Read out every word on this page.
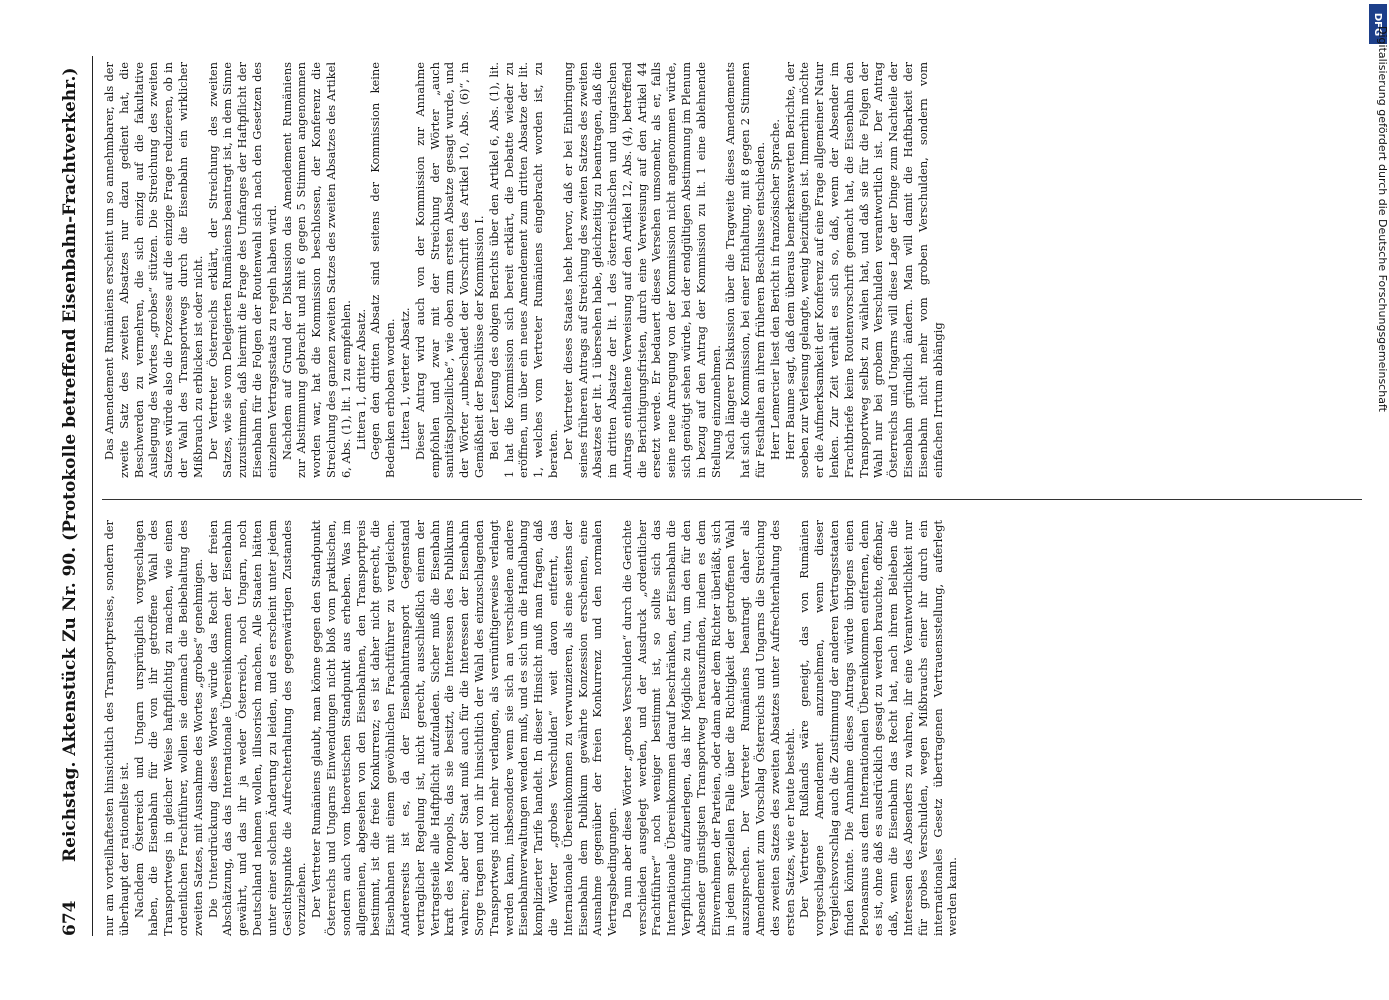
674
Reichstag. Aktenstück Zu Nr. 90. (Protokolle betreffend Eisenbahn-Frachtverkehr.) nur am vorteilhaftesten hinsichtlich des Transportpreises, sondern der überhaupt der rationellste ist. Nachdem Österreich und Ungarn ursprünglich vorgeschlagen haben, die Eisenbahn für die von ihr getroffene Wahl des Transportwegs in gleicher Weise haftpflichtig zu machen, wie einen ordentlichen Frachtführer, wollen sie demnach die Beibehaltung des zweiten Satzes, mit Ausnahme des Wortes „grobes“ genehmigen. Die Unterdrückung dieses Wortes würde das Recht der freien Abschätzung, das das Internationale Übereinkommen der Eisenbahn gewährt, und das ihr ja weder Österreich, noch Ungarn, noch Deutschland nehmen wollen, illusorisch machen. Alle Staaten hätten unter einer solchen Änderung zu leiden, und es erscheint unter jedem Gesichtspunkte die Aufrechterhaltung des gegenwärtigen Zustandes vorzuziehen. Der Vertreter Rumäniens glaubt, man könne gegen den Standpunkt Österreichs und Ungarns Einwendungen nicht bloß vom praktischen, sondern auch vom theoretischen Standpunkt aus erheben. Was im allgemeinen, abgesehen von den Eisenbahnen, den Transportpreis bestimmt, ist die freie Konkurrenz; es ist daher nicht gerecht, die Eisenbahnen mit einem gewöhnlichen Frachtführer zu vergleichen. Andererseits ist es, da der Eisenbahntransport Gegenstand vertraglicher Regelung ist, nicht gerecht, ausschließlich einem der Vertragsteile alle Haftpflicht aufzuladen. Sicher muß die Eisenbahn kraft des Monopols, das sie besitzt, die Interessen des Publikums wahren; aber der Staat muß auch für die Interessen der Eisenbahn Sorge tragen und von ihr hinsichtlich der Wahl des einzuschlagenden Transportwegs nicht mehr verlangen, als vernünftigerweise verlangt werden kann, insbesondere wenn sie sich an verschiedene andere Eisenbahnverwaltungen wenden muß, und es sich um die Handhabung komplizierter Tarife handelt. In dieser Hinsicht muß man fragen, daß die Wörter „grobes Verschulden“ weit davon entfernt, das Internationale Übereinkommen zu verwunzieren, als eine seitens der Eisenbahn dem Publikum gewährte Konzession erscheinen, eine Ausnahme gegenüber der freien Konkurrenz und den normalen Vertragsbedingungen. Da nun aber diese Wörter „grobes Verschulden“ durch die Gerichte verschieden ausgelegt werden, und der Ausdruck „ordentlicher Frachtführer“ noch weniger bestimmt ist, so sollte sich das Internationale Übereinkommen darauf beschränken, der Eisenbahn die Verpflichtung aufzuerlegen, das ihr Mögliche zu tun, um den für den Absender günstigsten Transportweg herauszufinden, indem es dem Einvernehmen der Parteien, oder dann aber dem Richter überläßt, sich in jedem speziellen Falle über die Richtigkeit der getroffenen Wahl auszusprechen. Der Vertreter Rumäniens beantragt daher als Amendement zum Vorschlag Österreichs und Ungarns die Streichung des zweiten Satzes des zweiten Absatzes unter Aufrechterhaltung des ersten Satzes, wie er heute besteht. Der Vertreter Rußlands wäre geneigt, das von Rumänien vorgeschlagene Amendement anzunehmen, wenn dieser Vergleichsvorschlag auch die Zustimmung der anderen Vertragsstaaten finden könnte. Die Annahme dieses Antrags würde übrigens einen Pleonasmus aus dem Internationalen Übereinkommen entfernen, denn es ist, ohne daß es ausdrücklich gesagt zu werden brauchte, offenbar, daß, wenn die Eisenbahn das Recht hat, nach ihrem Belieben die Interessen des Absenders zu wahren, ihr eine Verantwortlichkeit nur für grobes Verschulden, wegen Mißbrauchs einer ihr durch ein internationales Gesetz übertragenen Vertrauensstellung, auferlegt werden kann.

Das Amendement Rumäniens erscheint um so annehmbarer, als der zweite Satz des zweiten Absatzes nur dazu gedient hat, die Beschwerden zu vermehren, die sich einzig auf die fakultative Auslegung des Wortes „grobes“ stützen. Die Streichung des zweiten Satzes würde also die Prozesse auf die einzige Frage reduzieren, ob in der Wahl des Transportwegs durch die Eisenbahn ein wirklicher Mißbrauch zu erblicken ist oder nicht. Der Vertreter Österreichs erklärt, der Streichung des zweiten Satzes, wie sie vom Delegierten Rumäniens beantragt ist, in dem Sinne zuzustimmen, daß hiermit die Frage des Umfanges der Haftpflicht der Eisenbahn für die Folgen der Routenwahl sich nach den Gesetzen des einzelnen Vertragsstaats zu regeln haben wird. Nachdem auf Grund der Diskussion das Amendement Rumäniens zur Abstimmung gebracht und mit 6 gegen 5 Stimmen angenommen worden war, hat die Kommission beschlossen, der Konferenz die Streichung des ganzen zweiten Satzes des zweiten Absatzes des Artikel 6, Abs. (1), lit. 1 zu empfehlen. Littera 1, dritter Absatz. Gegen den dritten Absatz sind seitens der Kommission keine Bedenken erhoben worden. Littera 1, vierter Absatz. Dieser Antrag wird auch von der Kommission zur Annahme empfohlen und zwar mit der Streichung der Wörter „auch sanitätspolizeiliche“, wie oben zum ersten Absatze gesagt wurde, und der Wörter „unbeschadet der Vorschrift des Artikel 10, Abs. (6)“, in Gemäßheit der Beschlüsse der Kommission I. Bei der Lesung des obigen Berichts über den Artikel 6, Abs. (1), lit. 1 hat die Kommission sich bereit erklärt, die Debatte wieder zu eröffnen, um über ein neues Amendement zum dritten Absatze der lit. 1, welches vom Vertreter Rumäniens eingebracht worden ist, zu beraten. Der Vertreter dieses Staates hebt hervor, daß er bei Einbringung seines früheren Antrags auf Streichung des zweiten Satzes des zweiten Absatzes der lit. 1 übersehen habe, gleichzeitig zu beantragen, daß die im dritten Absatze der lit. 1 des österreichischen und ungarischen Antrags enthaltene Verweisung auf den Artikel 12, Abs. (4), betreffend die Berichtigungsfristen, durch eine Verweisung auf den Artikel 44 ersetzt werde. Er bedauert dieses Versehen umsomehr, als er, falls seine neue Anregung von der Kommission nicht angenommen würde, sich genötigt sehen würde, bei der endgültigen Abstimmung im Plenum in bezug auf den Antrag der Kommission zu lit. 1 eine ablehnende Stellung einzunehmen. Nach längerer Diskussion über die Tragweite dieses Amendements hat sich die Kommission, bei einer Enthaltung, mit 8 gegen 2 Stimmen für Festhalten an ihrem früheren Beschlusse entschieden. Herr Lemercier liest den Bericht in französischer Sprache. Herr Baume sagt, daß dem überaus bemerkenswerten Berichte, der soeben zur Verlesung gelangte, wenig beizufügen ist. Immerhin möchte er die Aufmerksamkeit der Konferenz auf eine Frage allgemeiner Natur lenken. Zur Zeit verhält es sich so, daß, wenn der Absender im Frachtbriefe keine Routenvorschrift gemacht hat, die Eisenbahn den Transportweg selbst zu wählen hat, und daß sie für die Folgen der Wahl nur bei grobem Verschulden verantwortlich ist. Der Antrag Österreichs und Ungarns will diese Lage der Dinge zum Nachteile der Eisenbahn gründlich ändern. Man will damit die Haftbarkeit der Eisenbahn nicht mehr vom groben Verschulden, sondern vom einfachen Irrtum abhängig

DFG
Digitalisierung gefördert durch die Deutsche Forschungsgemeinschaft
